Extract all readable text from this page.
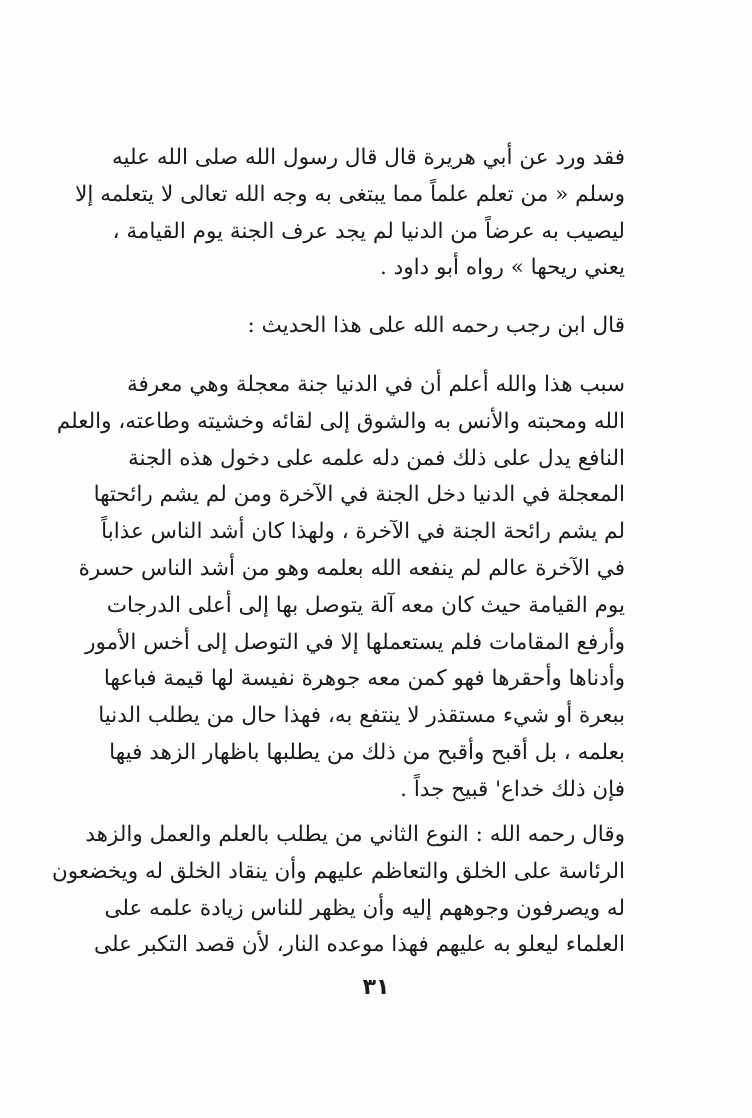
فقد ورد عن أبي هريرة قال قال رسول الله صلى الله عليه
وسلم « من تعلم علماً مما يبتغى به وجه الله تعالى لا يتعلمه إلا
ليصيب به عرضاً من الدنيا لم يجد عرف الجنة يوم القيامة ،
يعني ريحها » رواه أبو داود .
قال ابن رجب رحمه الله على هذا الحديث :
سبب هذا والله أعلم أن في الدنيا جنة معجلة وهي معرفة
الله ومحبته والأنس به والشوق إلى لقائه وخشيته وطاعته، والعلم
النافع يدل على ذلك فمن دله علمه على دخول هذه الجنة
المعجلة في الدنيا دخل الجنة في الآخرة ومن لم يشم رائحتها
لم يشم رائحة الجنة في الآخرة ، ولهذا كان أشد الناس عذاباً
في الآخرة عالم لم ينفعه الله بعلمه وهو من أشد الناس حسرة
يوم القيامة حيث كان معه آلة يتوصل بها إلى أعلى الدرجات
وأرفع المقامات فلم يستعملها إلا في التوصل إلى أخس الأمور
وأدناها وأحقرها فهو كمن معه جوهرة نفيسة لها قيمة فباعها
ببعرة أو شيء مستقذر لا ينتفع به، فهذا حال من يطلب الدنيا
بعلمه ، بل أقبح وأقبح من ذلك من يطلبها باظهار الزهد فيها
فإن ذلك خداع' قبيح جداً .
وقال رحمه الله : النوع الثاني من يطلب بالعلم والعمل والزهد
الرئاسة على الخلق والتعاظم عليهم وأن ينقاد الخلق له ويخضعون
له ويصرفون وجوههم إليه وأن يظهر للناس زيادة علمه على
العلماء ليعلو به عليهم فهذا موعده النار، لأن قصد التكبر على
٣١
